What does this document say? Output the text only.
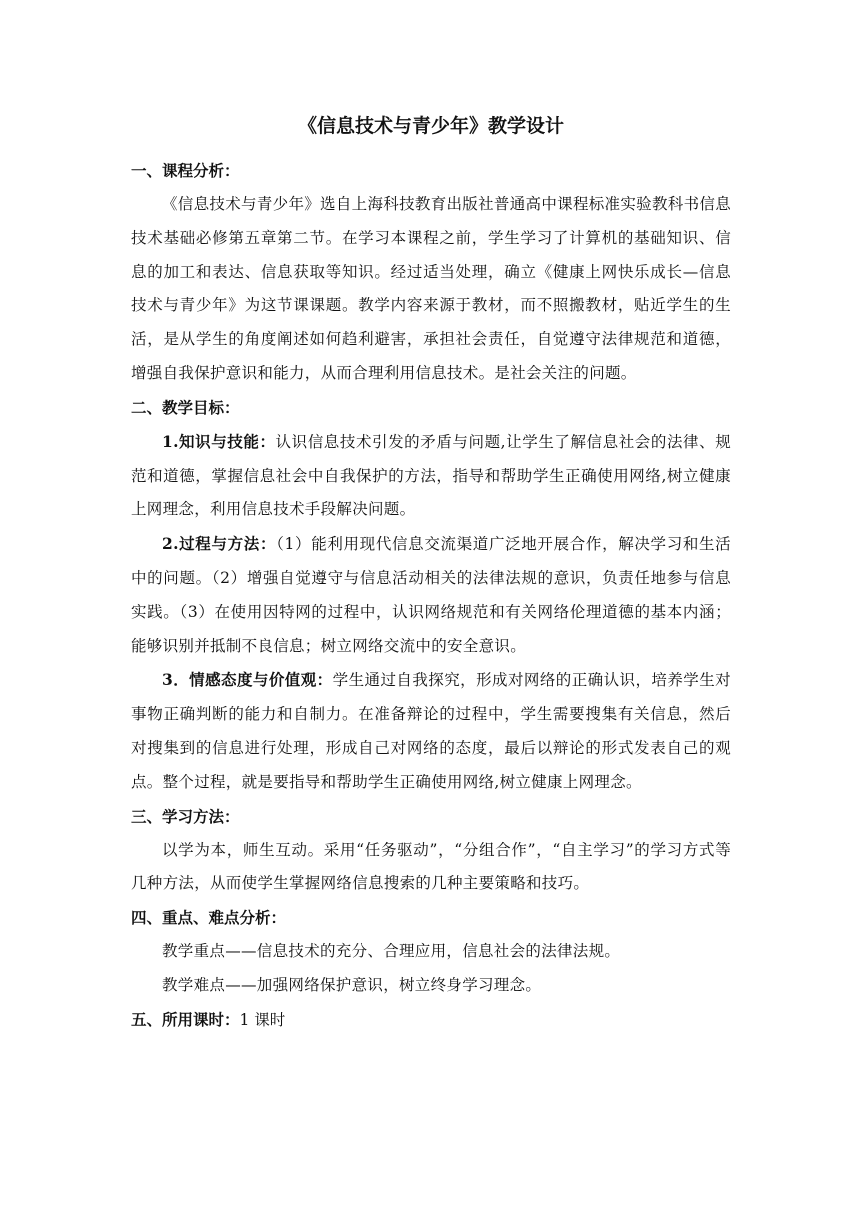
《信息技术与青少年》教学设计
一、课程分析：

《信息技术与青少年》选自上海科技教育出版社普通高中课程标准实验教科书信息技术基础必修第五章第二节。在学习本课程之前，学生学习了计算机的基础知识、信息的加工和表达、信息获取等知识。经过适当处理，确立《健康上网快乐成长—信息技术与青少年》为这节课课题。教学内容来源于教材，而不照搬教材，贴近学生的生活，是从学生的角度阐述如何趋利避害，承担社会责任，自觉遵守法律规范和道德，增强自我保护意识和能力，从而合理利用信息技术。是社会关注的问题。

二、教学目标：

1.知识与技能：认识信息技术引发的矛盾与问题,让学生了解信息社会的法律、规范和道德，掌握信息社会中自我保护的方法，指导和帮助学生正确使用网络,树立健康上网理念，利用信息技术手段解决问题。

2.过程与方法：（1）能利用现代信息交流渠道广泛地开展合作，解决学习和生活中的问题。（2）增强自觉遵守与信息活动相关的法律法规的意识，负责任地参与信息实践。（3）在使用因特网的过程中，认识网络规范和有关网络伦理道德的基本内涵；能够识别并抵制不良信息；树立网络交流中的安全意识。

3．情感态度与价值观：学生通过自我探究，形成对网络的正确认识，培养学生对事物正确判断的能力和自制力。在准备辩论的过程中，学生需要搜集有关信息，然后对搜集到的信息进行处理，形成自己对网络的态度，最后以辩论的形式发表自己的观点。整个过程，就是要指导和帮助学生正确使用网络,树立健康上网理念。

三、学习方法：

以学为本，师生互动。采用“任务驱动”，“分组合作”，“自主学习”的学习方式等几种方法，从而使学生掌握网络信息搜索的几种主要策略和技巧。

四、重点、难点分析：

教学重点——信息技术的充分、合理应用，信息社会的法律法规。

教学难点——加强网络保护意识，树立终身学习理念。

五、所用课时：1 课时
